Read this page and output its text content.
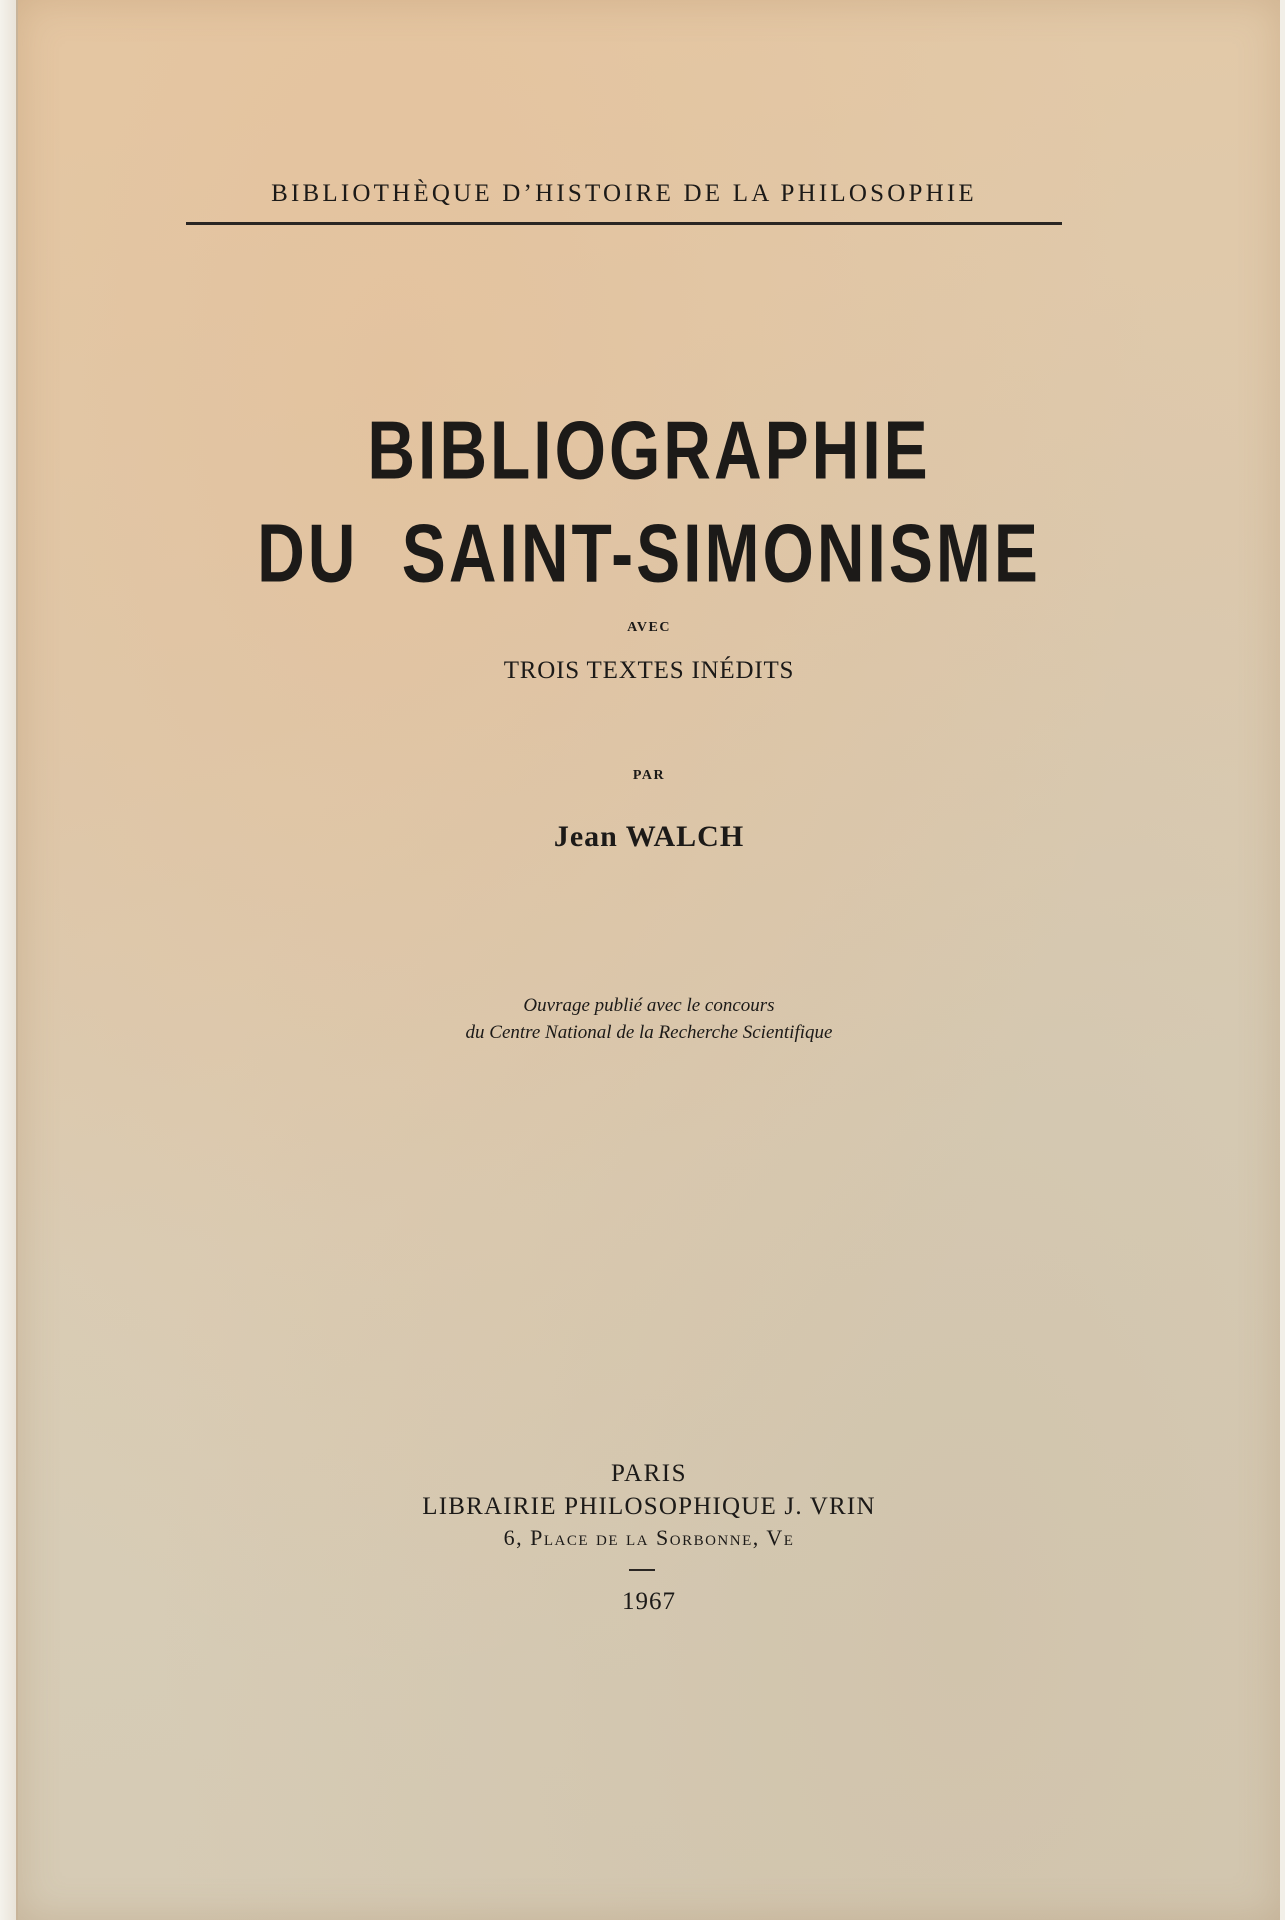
BIBLIOTHÈQUE D’HISTOIRE DE LA PHILOSOPHIE

BIBLIOGRAPHIE

DU SAINT-SIMONISME

AVEC

TROIS TEXTES INÉDITS

PAR

Jean WALCH

Ouvrage publié avec le concours

du Centre National de la Recherche Scientifique

PARIS

LIBRAIRIE PHILOSOPHIQUE J. VRIN

6, Place de la Sorbonne, Ve

1967
